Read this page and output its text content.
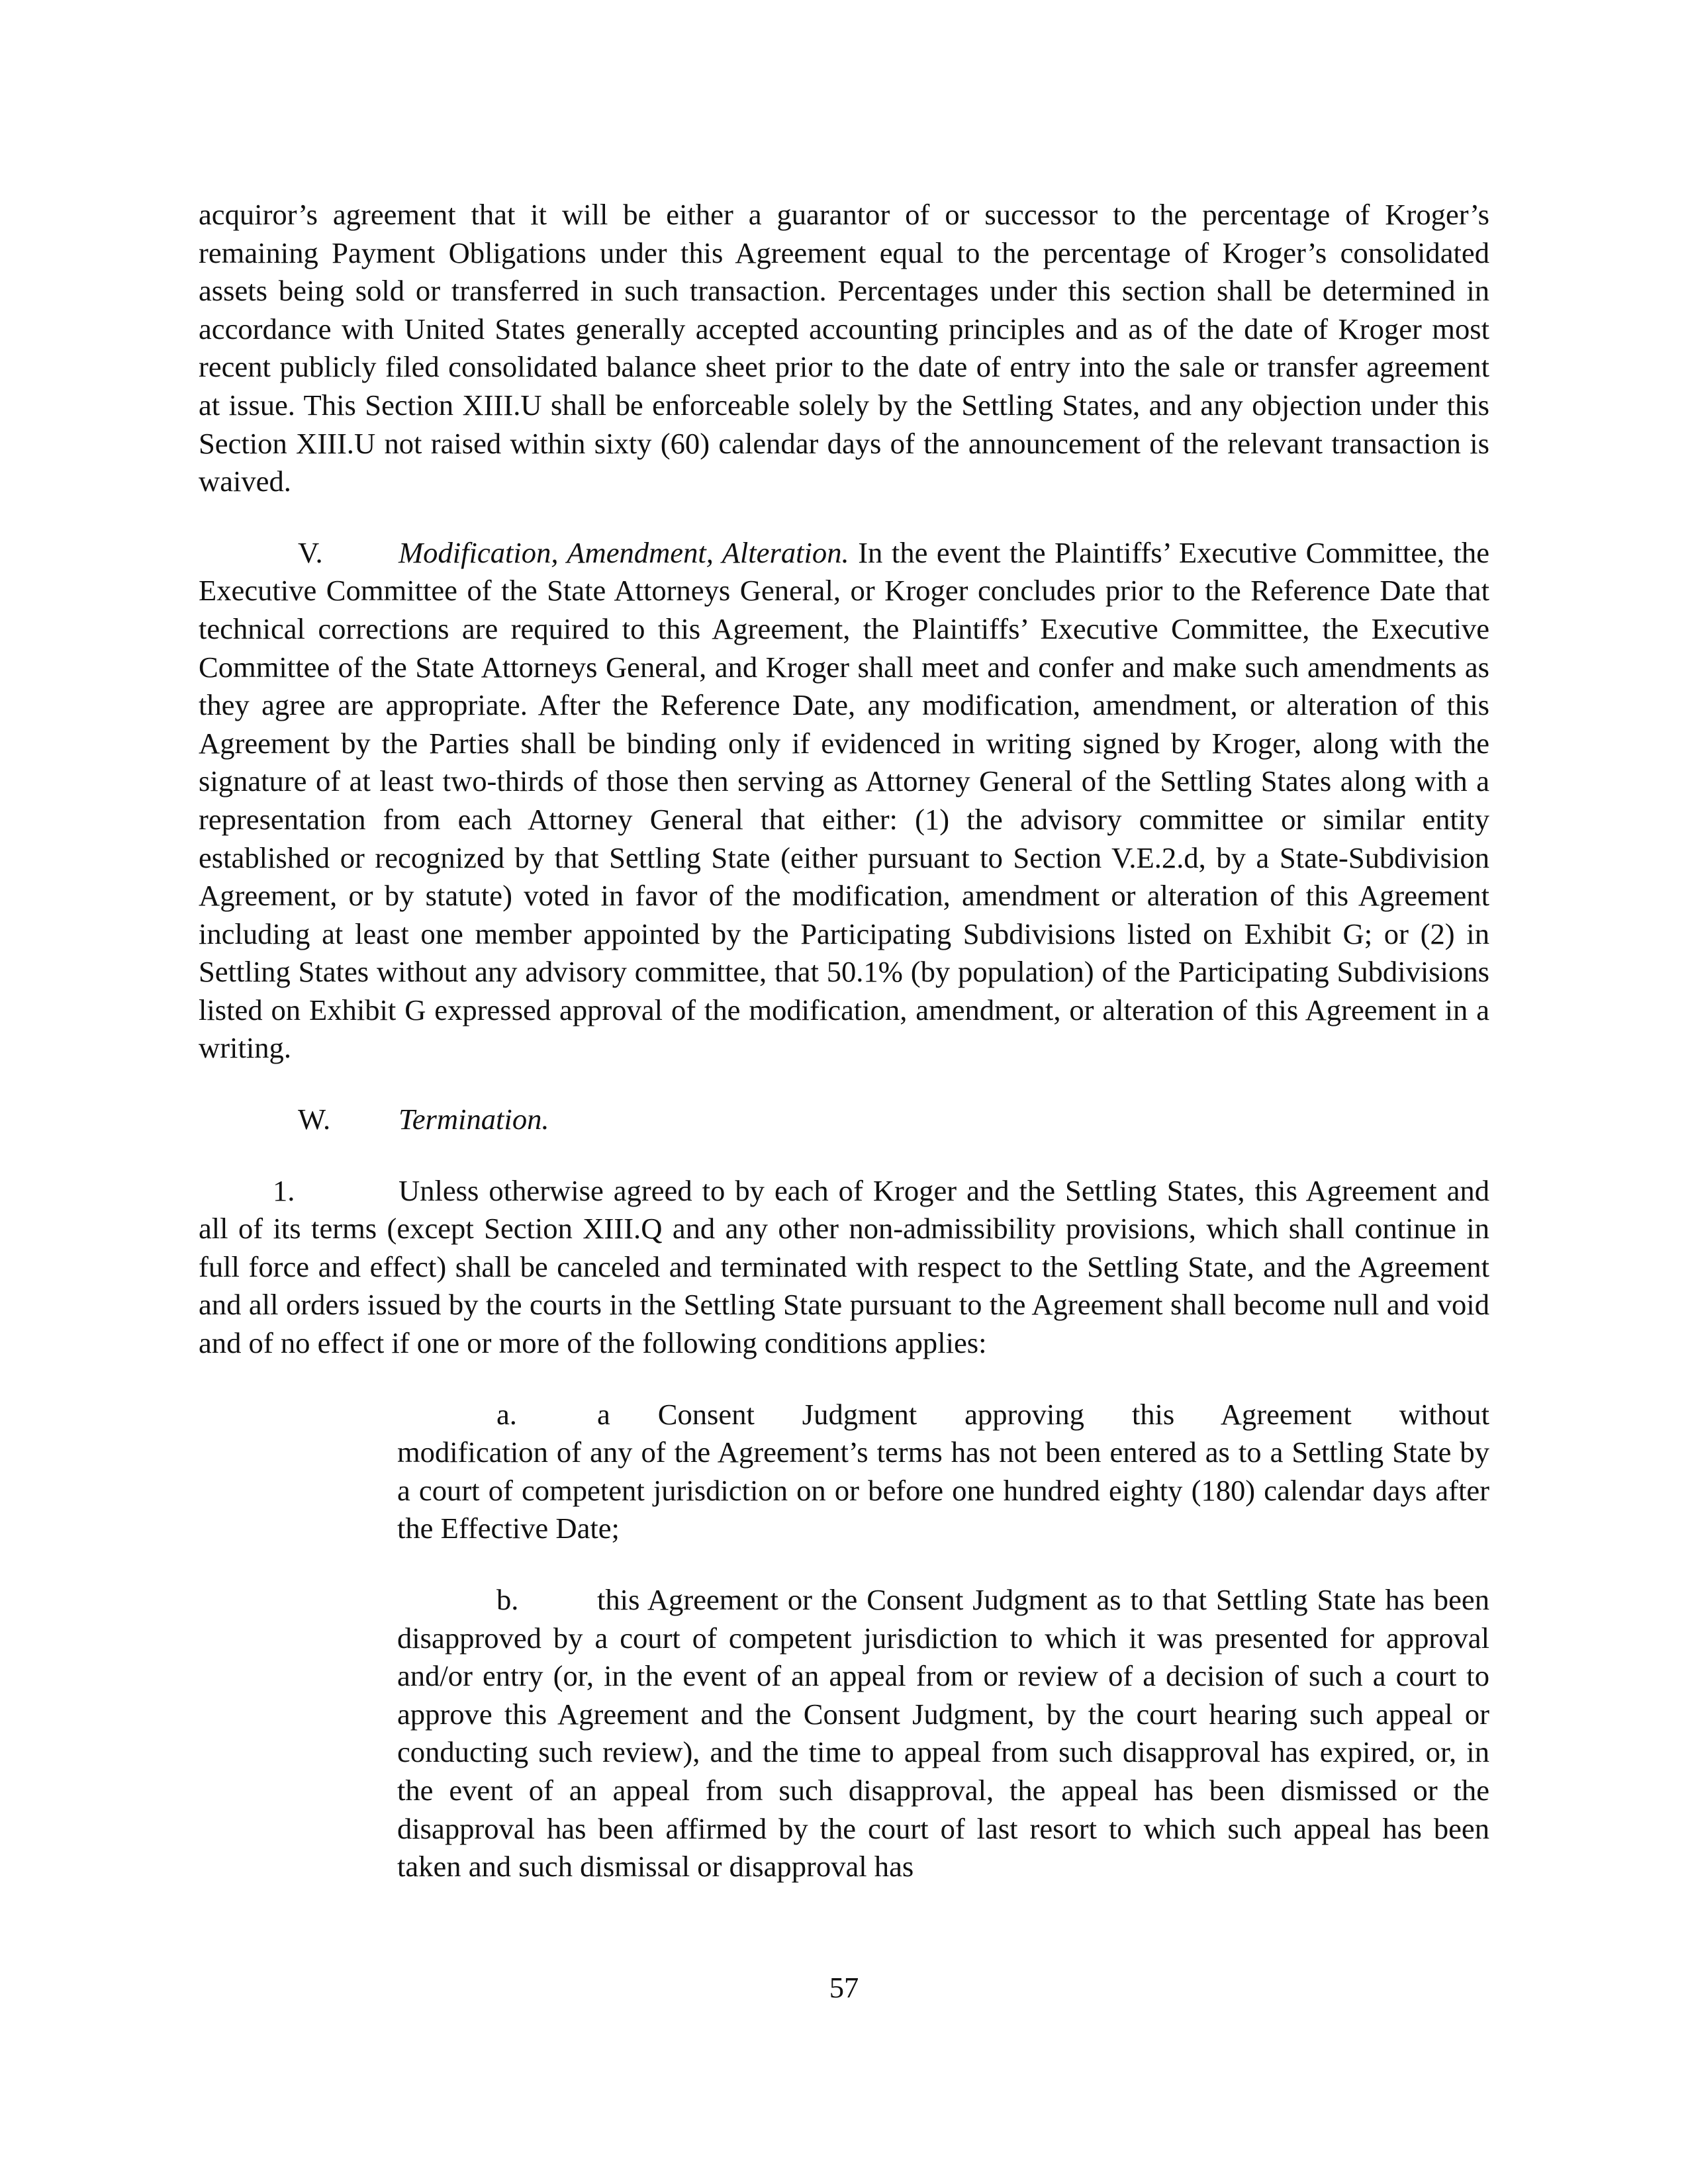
acquiror’s agreement that it will be either a guarantor of or successor to the percentage of Kroger’s remaining Payment Obligations under this Agreement equal to the percentage of Kroger’s consolidated assets being sold or transferred in such transaction. Percentages under this section shall be determined in accordance with United States generally accepted accounting principles and as of the date of Kroger most recent publicly filed consolidated balance sheet prior to the date of entry into the sale or transfer agreement at issue. This Section XIII.U shall be enforceable solely by the Settling States, and any objection under this Section XIII.U not raised within sixty (60) calendar days of the announcement of the relevant transaction is waived.

V.	Modification, Amendment, Alteration. In the event the Plaintiffs’ Executive Committee, the Executive Committee of the State Attorneys General, or Kroger concludes prior to the Reference Date that technical corrections are required to this Agreement, the Plaintiffs’ Executive Committee, the Executive Committee of the State Attorneys General, and Kroger shall meet and confer and make such amendments as they agree are appropriate. After the Reference Date, any modification, amendment, or alteration of this Agreement by the Parties shall be binding only if evidenced in writing signed by Kroger, along with the signature of at least two-thirds of those then serving as Attorney General of the Settling States along with a representation from each Attorney General that either: (1) the advisory committee or similar entity established or recognized by that Settling State (either pursuant to Section V.E.2.d, by a State-Subdivision Agreement, or by statute) voted in favor of the modification, amendment or alteration of this Agreement including at least one member appointed by the Participating Subdivisions listed on Exhibit G; or (2) in Settling States without any advisory committee, that 50.1% (by population) of the Participating Subdivisions listed on Exhibit G expressed approval of the modification, amendment, or alteration of this Agreement in a writing.

W. Termination.

1.	Unless otherwise agreed to by each of Kroger and the Settling States, this Agreement and all of its terms (except Section XIII.Q and any other non-admissibility provisions, which shall continue in full force and effect) shall be canceled and terminated with respect to the Settling State, and the Agreement and all orders issued by the courts in the Settling State pursuant to the Agreement shall become null and void and of no effect if one or more of the following conditions applies:

a.	a Consent Judgment approving this Agreement without
modification of any of the Agreement’s terms has not been entered as to a Settling State by a court of competent jurisdiction on or before one hundred eighty (180) calendar days after the Effective Date;

b.	this Agreement or the Consent Judgment as to that Settling State has been disapproved by a court of competent jurisdiction to which it was presented for approval and/or entry (or, in the event of an appeal from or review of a decision of such a court to approve this Agreement and the Consent Judgment, by the court hearing such appeal or conducting such review), and the time to appeal from such disapproval has expired, or, in the event of an appeal from such disapproval, the appeal has been dismissed or the disapproval has been affirmed by the court of last resort to which such appeal has been taken and such dismissal or disapproval has

57
